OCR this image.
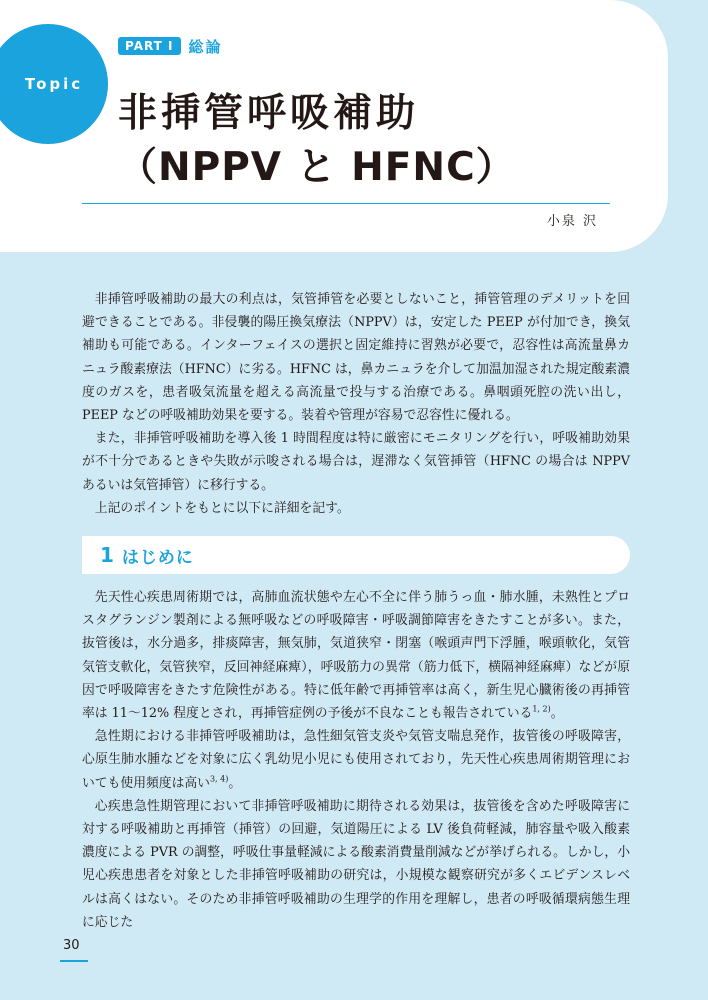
Topic
PART I	総論
非挿管呼吸補助
（NPPV と HFNC）
小泉 沢

非挿管呼吸補助の最大の利点は，気管挿管を必要としないこと，挿管管理のデメリットを回避できることである。非侵襲的陽圧換気療法（NPPV）は，安定した PEEP が付加でき，換気補助も可能である。インターフェイスの選択と固定維持に習熟が必要で，忍容性は高流量鼻カニュラ酸素療法（HFNC）に劣る。HFNC は，鼻カニュラを介して加温加湿された規定酸素濃度のガスを，患者吸気流量を超える高流量で投与する治療である。鼻咽頭死腔の洗い出し，PEEP などの呼吸補助効果を要する。装着や管理が容易で忍容性に優れる。

また，非挿管呼吸補助を導入後 1 時間程度は特に厳密にモニタリングを行い，呼吸補助効果が不十分であるときや失敗が示唆される場合は，遅滞なく気管挿管（HFNC の場合は NPPV あるいは気管挿管）に移行する。

上記のポイントをもとに以下に詳細を記す。

1 はじめに

先天性心疾患周術期では，高肺血流状態や左心不全に伴う肺うっ血・肺水腫，未熟性とプロスタグランジン製剤による無呼吸などの呼吸障害・呼吸調節障害をきたすことが多い。また，抜管後は，水分過多，排痰障害，無気肺，気道狭窄・閉塞（喉頭声門下浮腫，喉頭軟化，気管気管支軟化，気管狭窄，反回神経麻痺），呼吸筋力の異常（筋力低下，横隔神経麻痺）などが原因で呼吸障害をきたす危険性がある。特に低年齢で再挿管率は高く，新生児心臓術後の再挿管率は 11〜12% 程度とされ，再挿管症例の予後が不良なことも報告されている$^{1, 2)}$。

急性期における非挿管呼吸補助は，急性細気管支炎や気管支喘息発作，抜管後の呼吸障害，心原生肺水腫などを対象に広く乳幼児小児にも使用されており，先天性心疾患周術期管理においても使用頻度は高い$^{3, 4)}$。

心疾患急性期管理において非挿管呼吸補助に期待される効果は，抜管後を含めた呼吸障害に対する呼吸補助と再挿管（挿管）の回避，気道陽圧による LV 後負荷軽減，肺容量や吸入酸素濃度による PVR の調整，呼吸仕事量軽減による酸素消費量削減などが挙げられる。しかし，小児心疾患患者を対象とした非挿管呼吸補助の研究は，小規模な観察研究が多くエビデンスレベルは高くはない。そのため非挿管呼吸補助の生理学的作用を理解し，患者の呼吸循環病態生理に応じた

30
